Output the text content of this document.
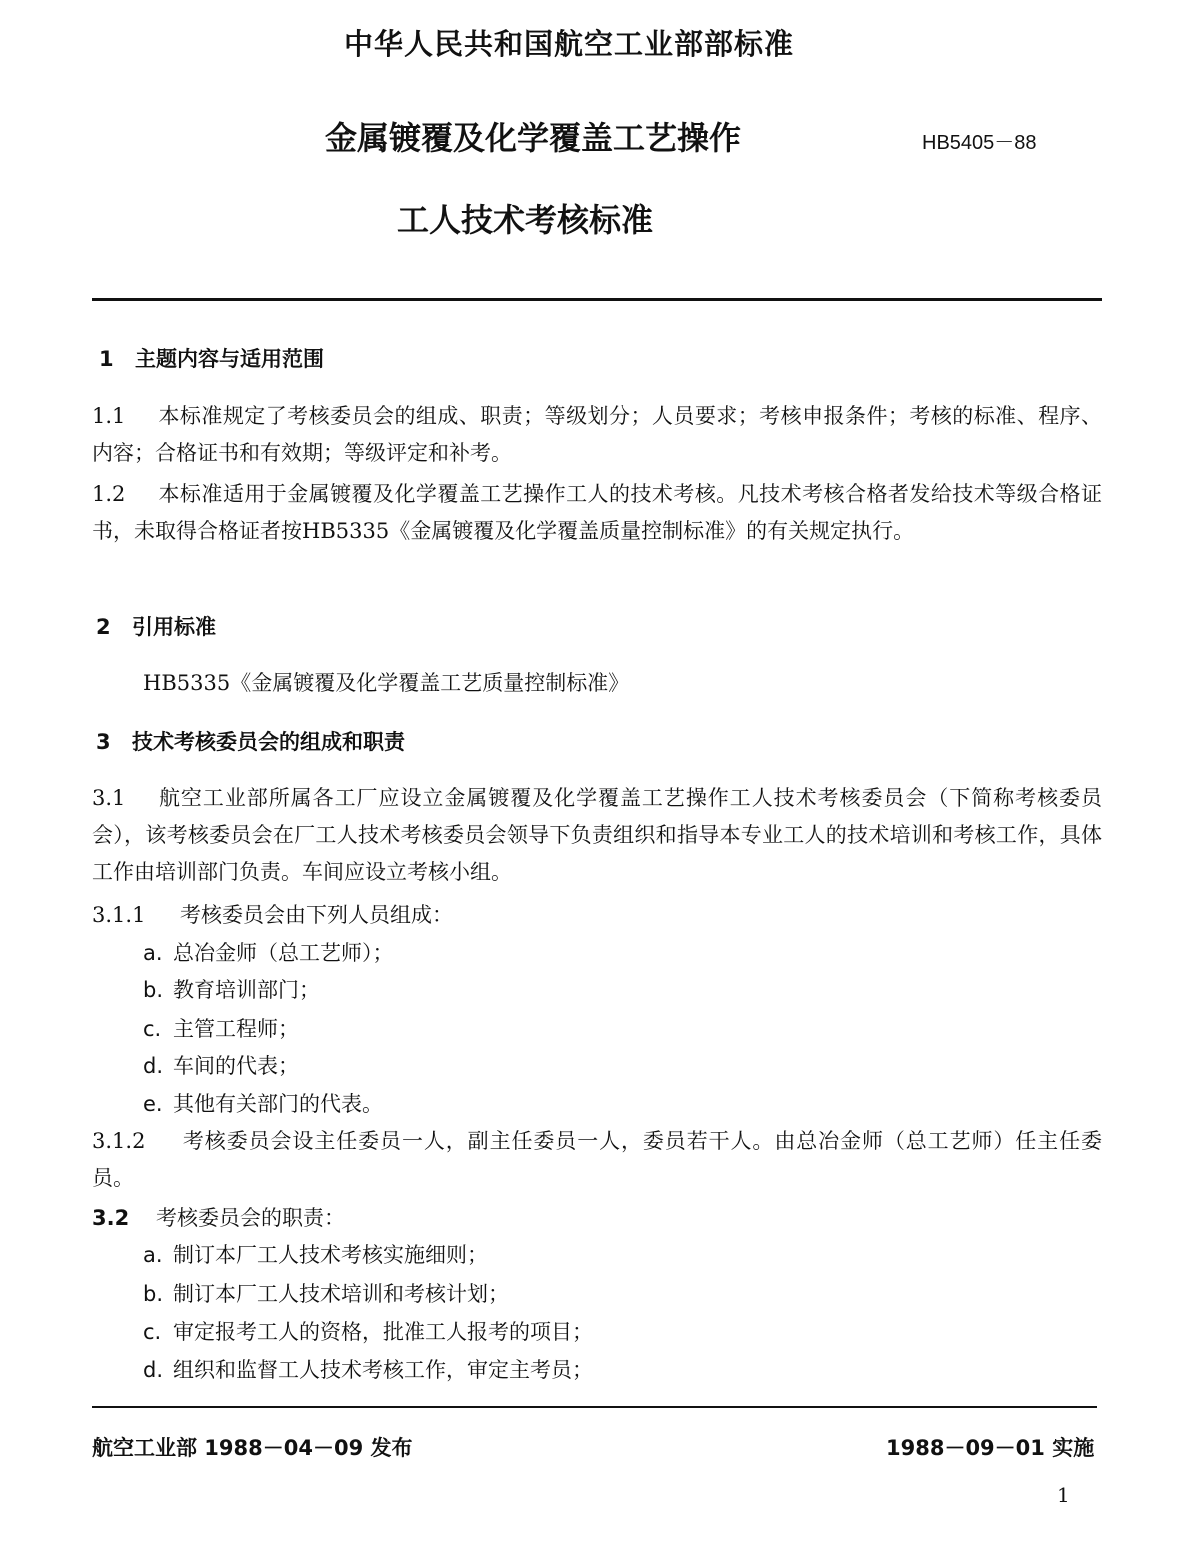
中华人民共和国航空工业部部标准
金属镀覆及化学覆盖工艺操作	HB5405－88
工人技术考核标准
1 主题内容与适用范围
1.1 本标准规定了考核委员会的组成、职责；等级划分；人员要求；考核申报条件；考核的标准、程序、内容；合格证书和有效期；等级评定和补考。
1.2 本标准适用于金属镀覆及化学覆盖工艺操作工人的技术考核。凡技术考核合格者发给技术等级合格证书，未取得合格证者按HB5335《金属镀覆及化学覆盖质量控制标准》的有关规定执行。
2 引用标准
HB5335《金属镀覆及化学覆盖工艺质量控制标准》
3 技术考核委员会的组成和职责
3.1 航空工业部所属各工厂应设立金属镀覆及化学覆盖工艺操作工人技术考核委员会（下简称考核委员会），该考核委员会在厂工人技术考核委员会领导下负责组织和指导本专业工人的技术培训和考核工作，具体工作由培训部门负责。车间应设立考核小组。
3.1.1 考核委员会由下列人员组成：
a. 总冶金师（总工艺师）；
b. 教育培训部门；
c. 主管工程师；
d. 车间的代表；
e. 其他有关部门的代表。
3.1.2 考核委员会设主任委员一人，副主任委员一人，委员若干人。由总冶金师（总工艺师）任主任委员。
3.2 考核委员会的职责：
a. 制订本厂工人技术考核实施细则；
b. 制订本厂工人技术培训和考核计划；
c. 审定报考工人的资格，批准工人报考的项目；
d. 组织和监督工人技术考核工作，审定主考员；
航空工业部 1988－04－09 发布	1988－09－01 实施
1
